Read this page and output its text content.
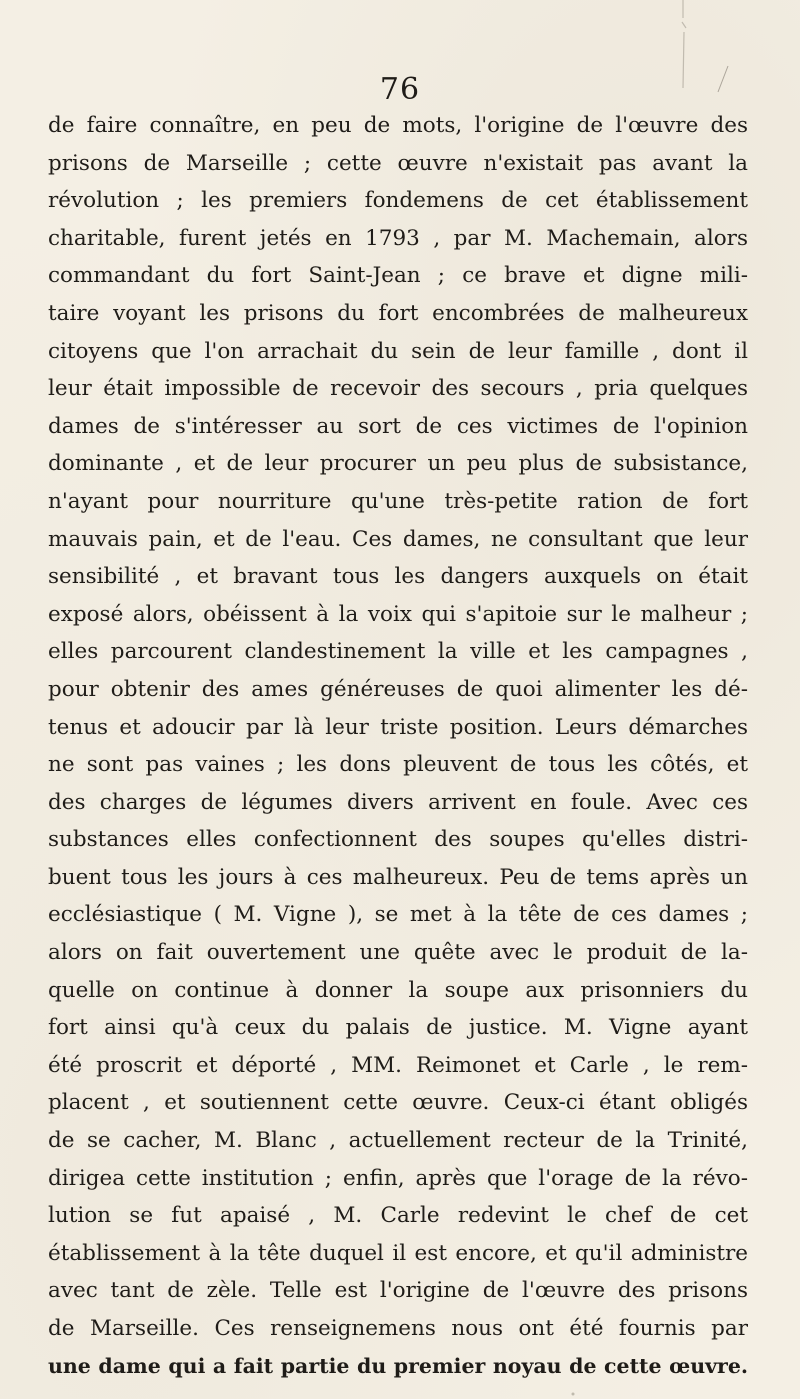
76
de faire connaître, en peu de mots, l'origine de l'œuvre des
prisons de Marseille ; cette œuvre n'existait pas avant la
révolution ; les premiers fondemens de cet établissement
charitable, furent jetés en 1793 , par M. Machemain, alors
commandant du fort Saint-Jean ; ce brave et digne mili-
taire voyant les prisons du fort encombrées de malheureux
citoyens que l'on arrachait du sein de leur famille , dont il
leur était impossible de recevoir des secours , pria quelques
dames de s'intéresser au sort de ces victimes de l'opinion
dominante , et de leur procurer un peu plus de subsistance,
n'ayant pour nourriture qu'une très-petite ration de fort
mauvais pain, et de l'eau. Ces dames, ne consultant que leur
sensibilité , et bravant tous les dangers auxquels on était
exposé alors, obéissent à la voix qui s'apitoie sur le malheur ;
elles parcourent clandestinement la ville et les campagnes ,
pour obtenir des ames généreuses de quoi alimenter les dé-
tenus et adoucir par là leur triste position. Leurs démarches
ne sont pas vaines ; les dons pleuvent de tous les côtés, et
des charges de légumes divers arrivent en foule. Avec ces
substances elles confectionnent des soupes qu'elles distri-
buent tous les jours à ces malheureux. Peu de tems après un
ecclésiastique ( M. Vigne ), se met à la tête de ces dames ;
alors on fait ouvertement une quête avec le produit de la-
quelle on continue à donner la soupe aux prisonniers du
fort ainsi qu'à ceux du palais de justice. M. Vigne ayant
été proscrit et déporté , MM. Reimonet et Carle , le rem-
placent , et soutiennent cette œuvre. Ceux-ci étant obligés
de se cacher, M. Blanc , actuellement recteur de la Trinité,
dirigea cette institution ; enfin, après que l'orage de la révo-
lution se fut apaisé , M. Carle redevint le chef de cet
établissement à la tête duquel il est encore, et qu'il administre
avec tant de zèle. Telle est l'origine de l'œuvre des prisons
de Marseille. Ces renseignemens nous ont été fournis par
une dame qui a fait partie du premier noyau de cette œuvre.
